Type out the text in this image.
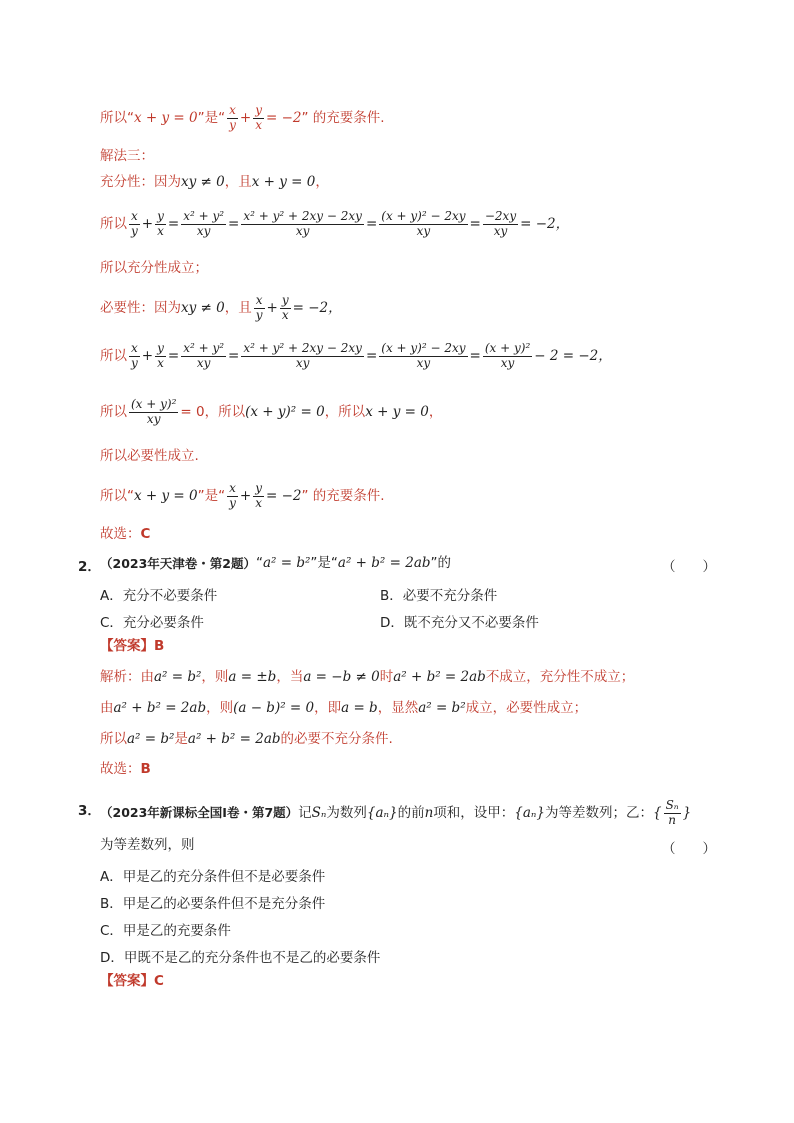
所以“ x + y = 0 ”是“ $\frac{x}{y} + \frac{y}{x} = -2$ ” 的充要条件.
解法三：
充分性：因为 xy ≠ 0 ，且 x + y = 0 ，
所以 $\frac{x}{y} + \frac{y}{x} = \frac{\text{x² + y²}}{xy} = \frac{\text{x² + y² + 2xy − 2xy}}{xy} = \frac{\text{(x + y)² − 2xy}}{xy} = \frac{-2xy}{xy} = -2$，
所以充分性成立；
必要性：因为 xy ≠ 0 ，且 $\frac{x}{y} + \frac{y}{x} = -2$，
所以 $\frac{x}{y} + \frac{y}{x} = \frac{\text{x² + y²}}{xy} = \frac{\text{x² + y² + 2xy − 2xy}}{xy} = \frac{\text{(x + y)² − 2xy}}{xy} = \frac{\text{(x + y)²}}{xy} - 2 = -2$，
所以 $\frac{\text{(x + y)²}}{xy} = 0$，所以 (x + y)² = 0 ，所以 x + y = 0 ，
所以必要性成立.
所以“ x + y = 0 ”是“ $\frac{x}{y} + \frac{y}{x} = -2$ ” 的充要条件.
故选： C
2． （2023年天津卷・第2题） “ a² = b² ”是“ a² + b² = 2ab ”的	（　　）
A．充分不必要条件	B．必要不充分条件
C．充分必要条件	D．既不充分又不必要条件
【答案】 B
解析：由 a² = b² ，则 a = ±b ，当 a = −b ≠ 0 时 a² + b² = 2ab 不成立，充分性不成立；
由 a² + b² = 2ab ，则 (a − b)² = 0 ，即 a = b ，显然 a² = b² 成立，必要性成立；
所以 a² = b² 是 a² + b² = 2ab 的必要不充分条件.
故选： B
3． （2023年新课标全国Ⅰ卷・第7题） 记 Sₙ 为数列 {aₙ} 的前 n 项和，设甲： {aₙ} 为等差数列；乙： { $\frac{\text{Sₙ}}{n}$ }
为等差数列，则	（　　）
A．甲是乙的充分条件但不是必要条件
B．甲是乙的必要条件但不是充分条件
C．甲是乙的充要条件
D．甲既不是乙的充分条件也不是乙的必要条件
【答案】 C
